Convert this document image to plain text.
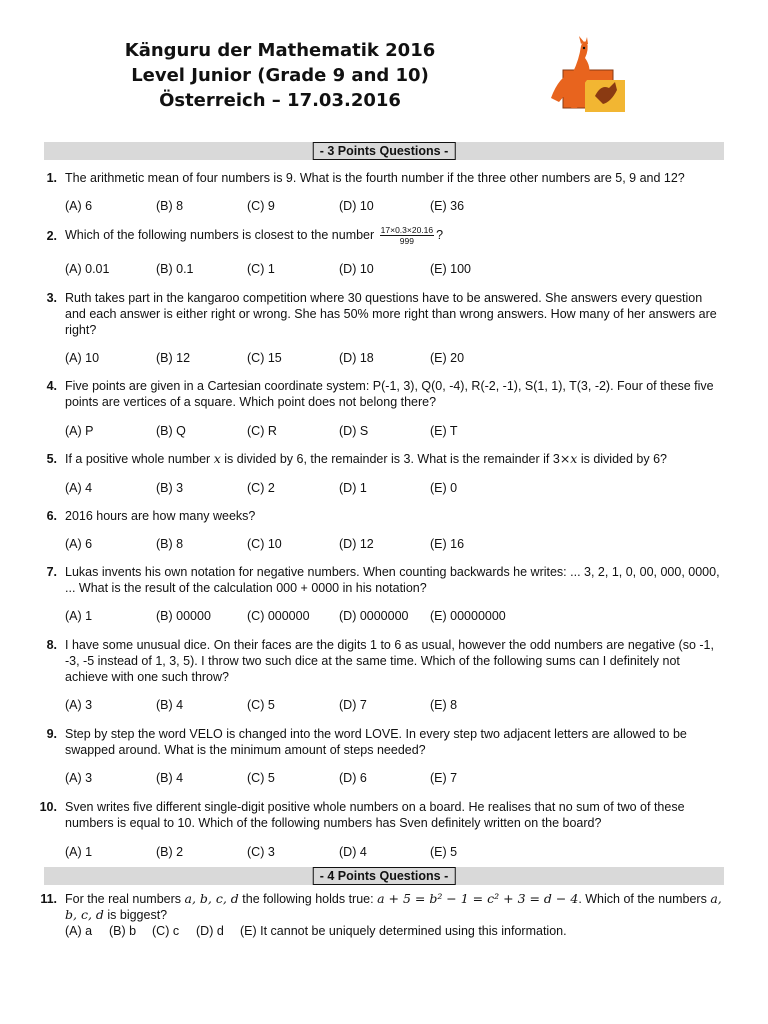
Känguru der Mathematik 2016
Level Junior (Grade 9 and 10)
Österreich – 17.03.2016
- 3 Points Questions -
1. The arithmetic mean of four numbers is 9. What is the fourth number if the three other numbers are 5, 9 and 12?
(A) 6	(B) 8	(C) 9	(D) 10	(E) 36
2. Which of the following numbers is closest to the number $\frac{17\times 0.3\times 20.16}{999}$ ?
(A) 0.01	(B) 0.1	(C) 1	(D) 10	(E) 100
3. Ruth takes part in the kangaroo competition where 30 questions have to be answered. She answers every question and each answer is either right or wrong. She has 50% more right than wrong answers. How many of her answers are right?
(A) 10	(B) 12	(C) 15	(D) 18	(E) 20
4. Five points are given in a Cartesian coordinate system: P(-1, 3), Q(0, -4), R(-2, -1), S(1, 1), T(3, -2). Four of these five points are vertices of a square. Which point does not belong there?
(A) P	(B) Q	(C) R	(D) S	(E) T
5. If a positive whole number x is divided by 6, the remainder is 3. What is the remainder if 3×x is divided by 6?
(A) 4	(B) 3	(C) 2	(D) 1	(E) 0
6. 2016 hours are how many weeks?
(A) 6	(B) 8	(C) 10	(D) 12	(E) 16
7. Lukas invents his own notation for negative numbers. When counting backwards he writes: ... 3, 2, 1, 0, 00, 000, 0000, ... What is the result of the calculation 000 + 0000 in his notation?
(A) 1	(B) 00000	(C) 000000 (D) 0000000 (E) 00000000
8. I have some unusual dice. On their faces are the digits 1 to 6 as usual, however the odd numbers are negative (so -1, -3, -5 instead of 1, 3, 5). I throw two such dice at the same time. Which of the following sums can I definitely not achieve with one such throw?
(A) 3	(B) 4	(C) 5	(D) 7	(E) 8
9. Step by step the word VELO is changed into the word LOVE. In every step two adjacent letters are allowed to be swapped around. What is the minimum amount of steps needed?
(A) 3	(B) 4	(C) 5	(D) 6	(E) 7
10. Sven writes five different single-digit positive whole numbers on a board. He realises that no sum of two of these numbers is equal to 10. Which of the following numbers has Sven definitely written on the board?
(A) 1	(B) 2	(C) 3	(D) 4	(E) 5
- 4 Points Questions -
11. For the real numbers a, b, c, d the following holds true: a + 5 = b² − 1 = c² + 3 = d − 4. Which of the numbers a, b, c, d is biggest?
(A) a (B) b (C) c (D) d (E) It cannot be uniquely determined using this information.
